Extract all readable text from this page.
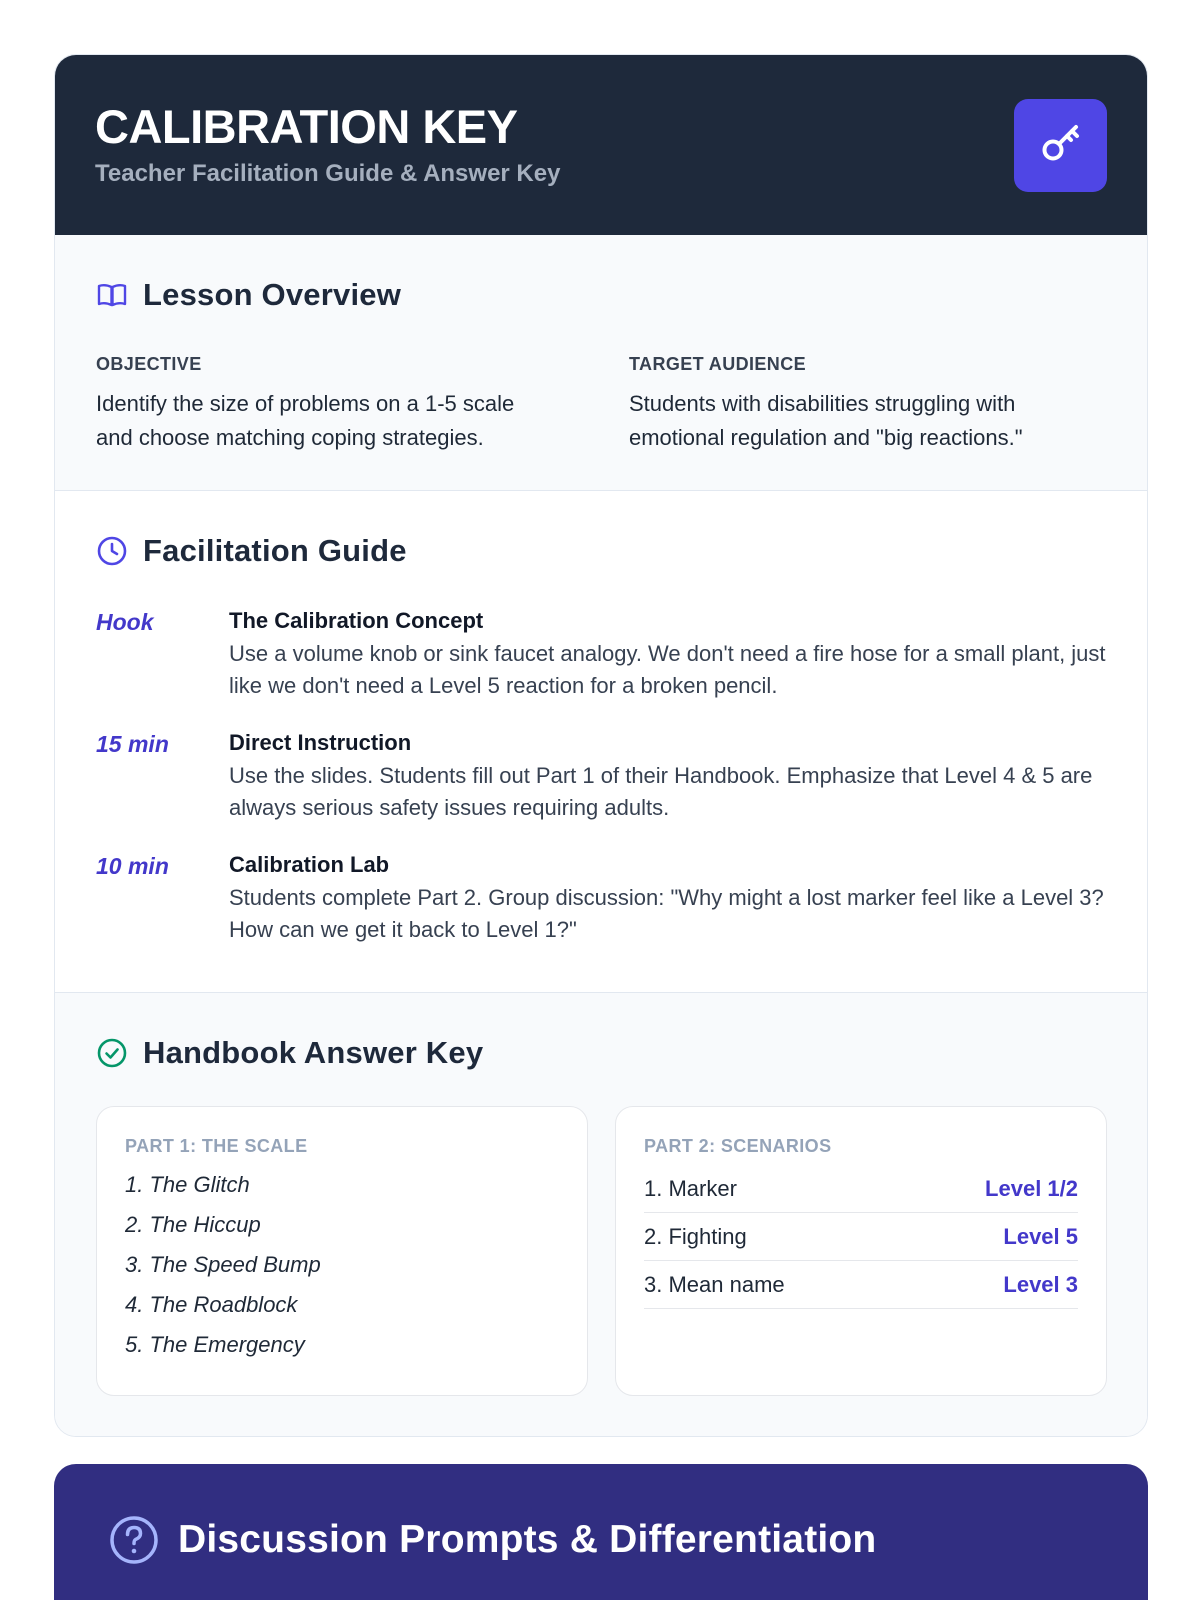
CALIBRATION KEY
Teacher Facilitation Guide & Answer Key
Lesson Overview
OBJECTIVE
Identify the size of problems on a 1-5 scale and choose matching coping strategies.
TARGET AUDIENCE
Students with disabilities struggling with emotional regulation and "big reactions."
Facilitation Guide
Hook	The Calibration Concept
Use a volume knob or sink faucet analogy. We don't need a fire hose for a small plant, just like we don't need a Level 5 reaction for a broken pencil.
15 min	Direct Instruction
Use the slides. Students fill out Part 1 of their Handbook. Emphasize that Level 4 & 5 are always serious safety issues requiring adults.
10 min	Calibration Lab
Students complete Part 2. Group discussion: "Why might a lost marker feel like a Level 3? How can we get it back to Level 1?"
Handbook Answer Key
PART 1: THE SCALE
1. The Glitch
2. The Hiccup
3. The Speed Bump
4. The Roadblock
5. The Emergency
PART 2: SCENARIOS
1. Marker	Level 1/2
2. Fighting	Level 5
3. Mean name	Level 3
Discussion Prompts & Differentiation
